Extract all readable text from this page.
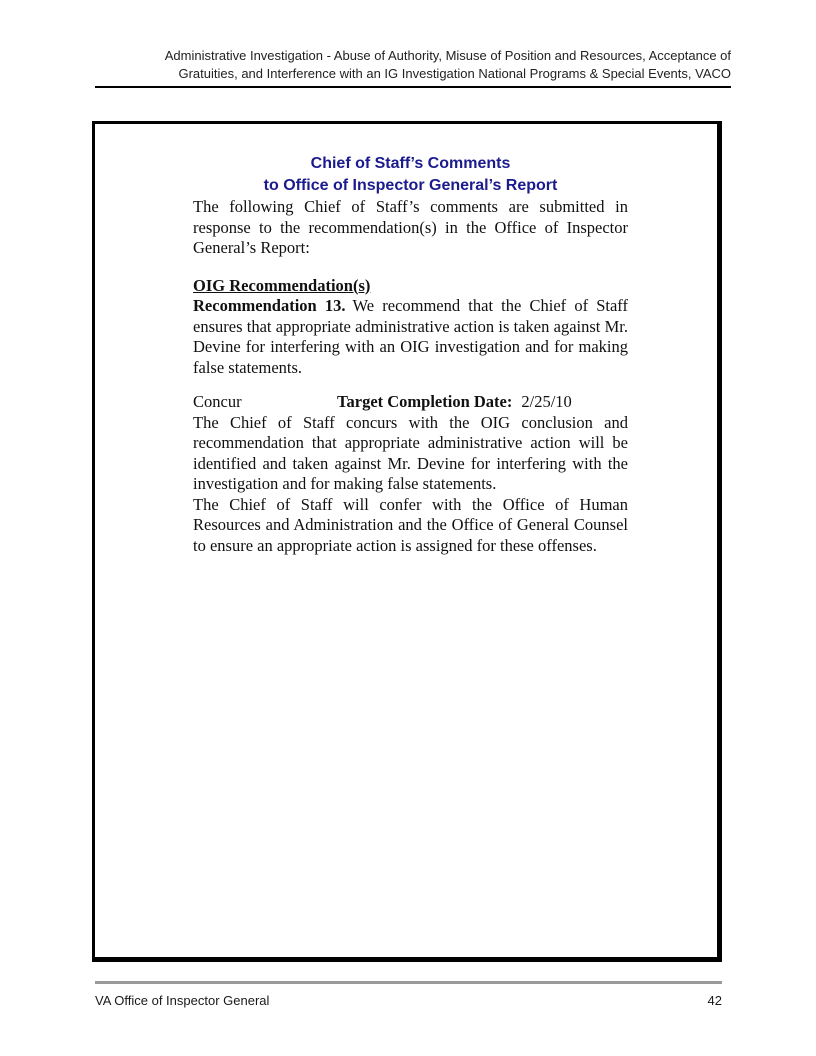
Administrative Investigation - Abuse of Authority, Misuse of Position and Resources, Acceptance of
Gratuities, and Interference with an IG Investigation National Programs & Special Events, VACO
Chief of Staff’s Comments
to Office of Inspector General’s Report

The following Chief of Staff’s comments are submitted in response to the recommendation(s) in the Office of Inspector General’s Report:

OIG Recommendation(s)

Recommendation 13. We recommend that the Chief of Staff ensures that appropriate administrative action is taken against Mr. Devine for interfering with an OIG investigation and for making false statements.

Concur	Target Completion Date: 2/25/10

The Chief of Staff concurs with the OIG conclusion and recommendation that appropriate administrative action will be identified and taken against Mr. Devine for interfering with the investigation and for making false statements.

The Chief of Staff will confer with the Office of Human Resources and Administration and the Office of General Counsel to ensure an appropriate action is assigned for these offenses.

VA Office of Inspector General	42
